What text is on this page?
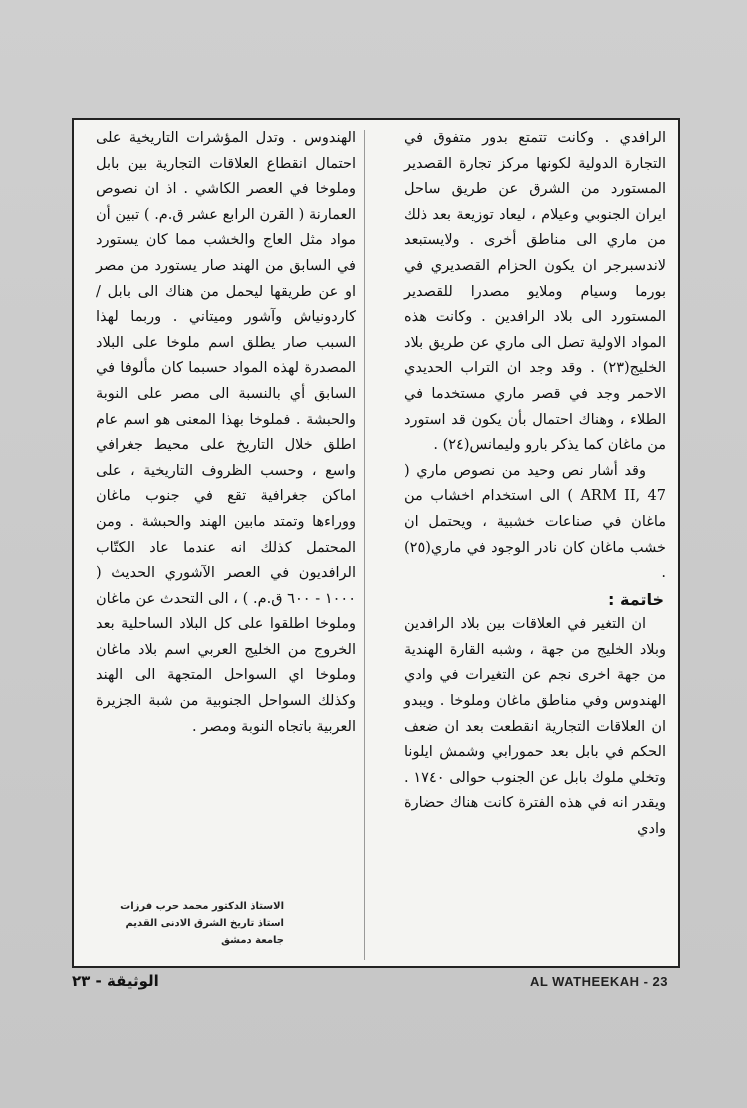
الرافدي . وكانت تتمتع بدور متفوق في التجارة الدولية لكونها مركز تجارة القصدير المستورد من الشرق عن طريق ساحل ايران الجنوبي وعيلام ، ليعاد توزيعة بعد ذلك من ماري الى مناطق أخرى . ولايستبعد لاندسبرجر ان يكون الحزام القصديري في بورما وسيام وملايو مصدرا للقصدير المستورد الى بلاد الرافدين . وكانت هذه المواد الاولية تصل الى ماري عن طريق بلاد الخليج(٢٣) . وقد وجد ان التراب الحديدي الاحمر وجد في قصر ماري مستخدما في الطلاء ، وهناك احتمال بأن يكون قد استورد من ماغان كما يذكر بارو وليمانس(٢٤) .

وقد أشار نص وحيد من نصوص ماري ( ARM II, 47 ) الى استخدام اخشاب من ماغان في صناعات خشبية ، ويحتمل ان خشب ماغان كان نادر الوجود في ماري(٢٥) .

خاتمة :

ان التغير في العلاقات بين بلاد الرافدين وبلاد الخليج من جهة ، وشبه القارة الهندية من جهة اخرى نجم عن التغيرات في وادي الهندوس وفي مناطق ماغان وملوخا . ويبدو ان العلاقات التجارية انقطعت بعد ان ضعف الحكم في بابل بعد حمورابي وشمش ايلونا وتخلي ملوك بابل عن الجنوب حوالى ١٧٤٠ . ويقدر انه في هذه الفترة كانت هناك حضارة وادي

الهندوس . وتدل المؤشرات التاريخية على احتمال انقطاع العلاقات التجارية بين بابل وملوخا في العصر الكاشي . اذ ان نصوص العمارنة ( القرن الرابع عشر ق.م. ) تبين أن مواد مثل العاج والخشب مما كان يستورد في السابق من الهند صار يستورد من مصر او عن طريقها ليحمل من هناك الى بابل / كاردونياش وآشور وميتاني . وربما لهذا السبب صار يطلق اسم ملوخا على البلاد المصدرة لهذه المواد حسبما كان مألوفا في السابق أي بالنسبة الى مصر على النوبة والحبشة . فملوخا بهذا المعنى هو اسم عام اطلق خلال التاريخ على محيط جغرافي واسع ، وحسب الظروف التاريخية ، على اماكن جغرافية تقع في جنوب ماغان ووراءها وتمتد مابين الهند والحبشة . ومن المحتمل كذلك انه عندما عاد الكتّاب الرافديون في العصر الآشوري الحديث ( ١٠٠٠ - ٦٠٠ ق.م. ) ، الى التحدث عن ماغان وملوخا اطلقوا على كل البلاد الساحلية بعد الخروج من الخليج العربي اسم بلاد ماغان وملوخا اي السواحل المتجهة الى الهند وكذلك السواحل الجنوبية من شبة الجزيرة العربية باتجاه النوبة ومصر .

الاستاذ الدكتور محمد حرب فرزات
استاذ تاريخ الشرق الادنى القديم
جامعة دمشق
الوثيقة - ٢٣	AL WATHEEKAH - 23
